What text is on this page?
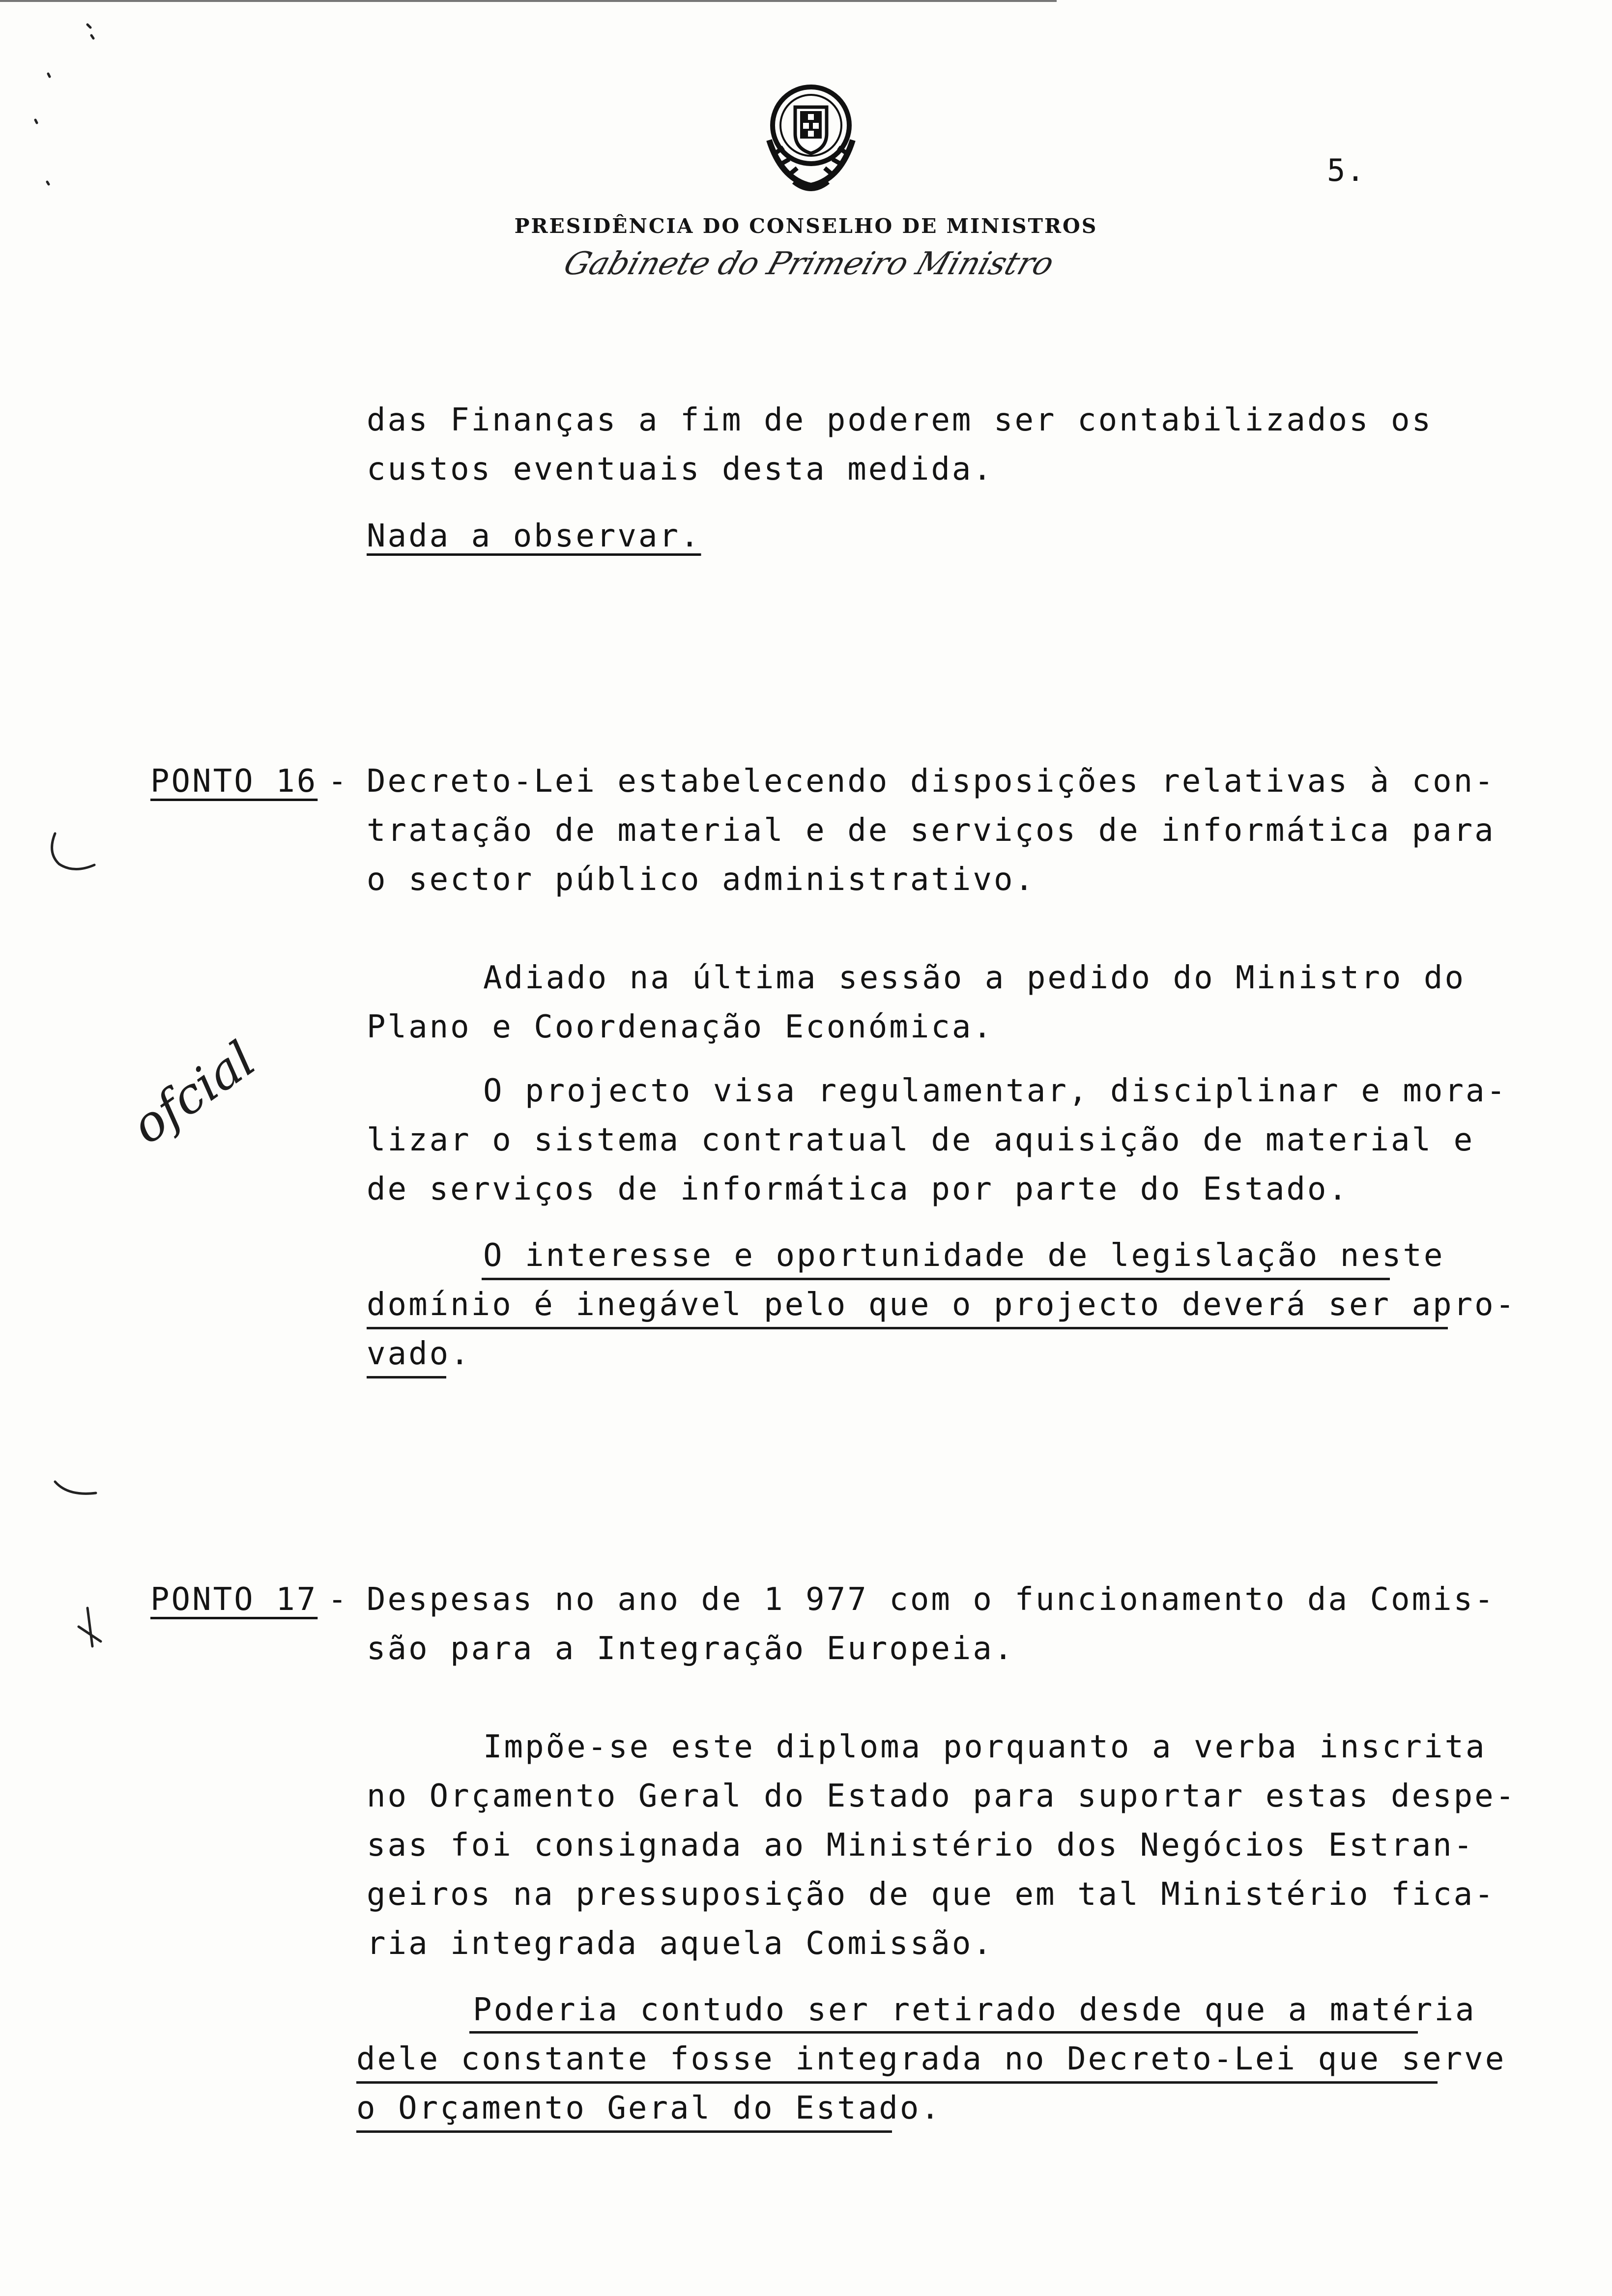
5.
PRESIDÊNCIA DO CONSELHO DE MINISTROS
Gabinete do Primeiro Ministro
das Finanças a fim de poderem ser contabilizados os
custos eventuais desta medida.
Nada a observar.
PONTO 16 - Decreto-Lei estabelecendo disposições relativas à con-
tratação de material e de serviços de informática para
o sector público administrativo.
Adiado na última sessão a pedido do Ministro do
Plano e Coordenação Económica.
O projecto visa regulamentar, disciplinar e mora-
lizar o sistema contratual de aquisição de material e
de serviços de informática por parte do Estado.
O interesse e oportunidade de legislação neste
domínio é inegável pelo que o projecto deverá ser apro-
vado.
PONTO 17 - Despesas no ano de 1 977 com o funcionamento da Comis-
são para a Integração Europeia.
Impõe-se este diploma porquanto a verba inscrita
no Orçamento Geral do Estado para suportar estas despe-
sas foi consignada ao Ministério dos Negócios Estran-
geiros na pressuposição de que em tal Ministério fica-
ria integrada aquela Comissão.
Poderia contudo ser retirado desde que a matéria
dele constante fosse integrada no Decreto-Lei que serve
o Orçamento Geral do Estado.
ofcial
